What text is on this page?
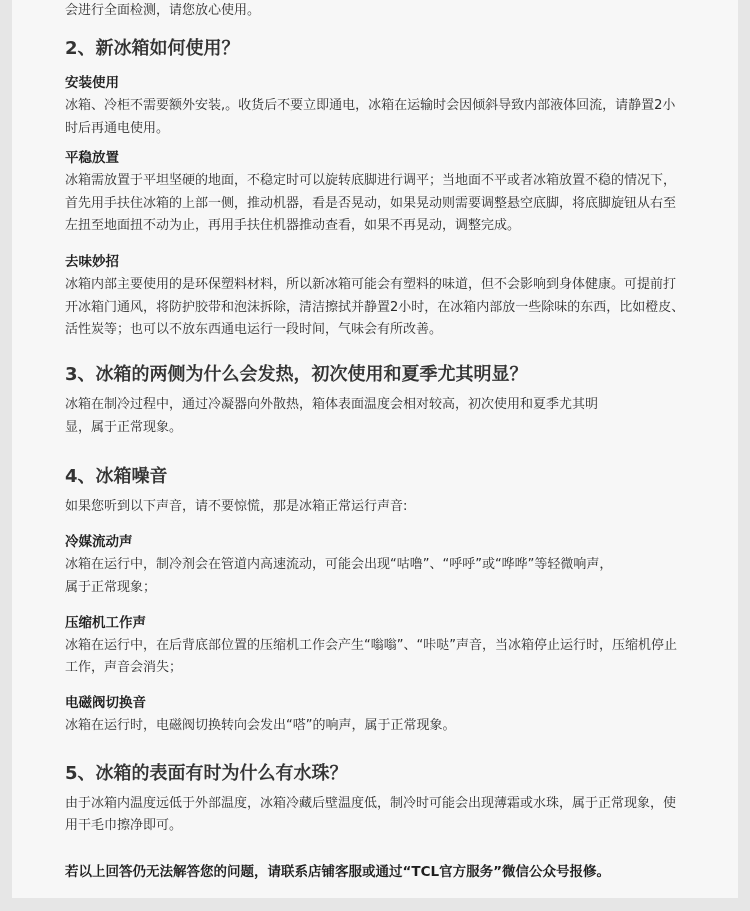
会进行全面检测，请您放心使用。
2、新冰箱如何使用？
安装使用
冰箱、冷柜不需要额外安装,。收货后不要立即通电，冰箱在运输时会因倾斜导致内部液体回流，请静置2小
时后再通电使用。
平稳放置
冰箱需放置于平坦坚硬的地面，不稳定时可以旋转底脚进行调平；当地面不平或者冰箱放置不稳的情况下，
首先用手扶住冰箱的上部一侧，推动机器，看是否晃动，如果晃动则需要调整悬空底脚，将底脚旋钮从右至
左扭至地面扭不动为止，再用手扶住机器推动查看，如果不再晃动，调整完成。
去味妙招
冰箱内部主要使用的是环保塑料材料，所以新冰箱可能会有塑料的味道，但不会影响到身体健康。可提前打
开冰箱门通风，将防护胶带和泡沫拆除，清洁擦拭并静置2小时，在冰箱内部放一些除味的东西，比如橙皮、
活性炭等；也可以不放东西通电运行一段时间，气味会有所改善。
3、冰箱的两侧为什么会发热，初次使用和夏季尤其明显？
冰箱在制冷过程中，通过冷凝器向外散热，箱体表面温度会相对较高，初次使用和夏季尤其明
显，属于正常现象。
4、冰箱噪音
如果您听到以下声音，请不要惊慌，那是冰箱正常运行声音:
冷媒流动声
冰箱在运行中，制冷剂会在管道内高速流动，可能会出现“咕噜”、“呼呼”或“哗哗”等轻微响声，
属于正常现象；
压缩机工作声
冰箱在运行中，在后背底部位置的压缩机工作会产生“嗡嗡”、“咔哒”声音，当冰箱停止运行时，压缩机停止
工作，声音会消失；
电磁阀切换音
冰箱在运行时，电磁阀切换转向会发出“嗒”的响声，属于正常现象。
5、冰箱的表面有时为什么有水珠？
由于冰箱内温度远低于外部温度，冰箱冷藏后壁温度低，制冷时可能会出现薄霜或水珠，属于正常现象，使
用干毛巾擦净即可。
若以上回答仍无法解答您的问题，请联系店铺客服或通过“TCL官方服务”微信公众号报修。
